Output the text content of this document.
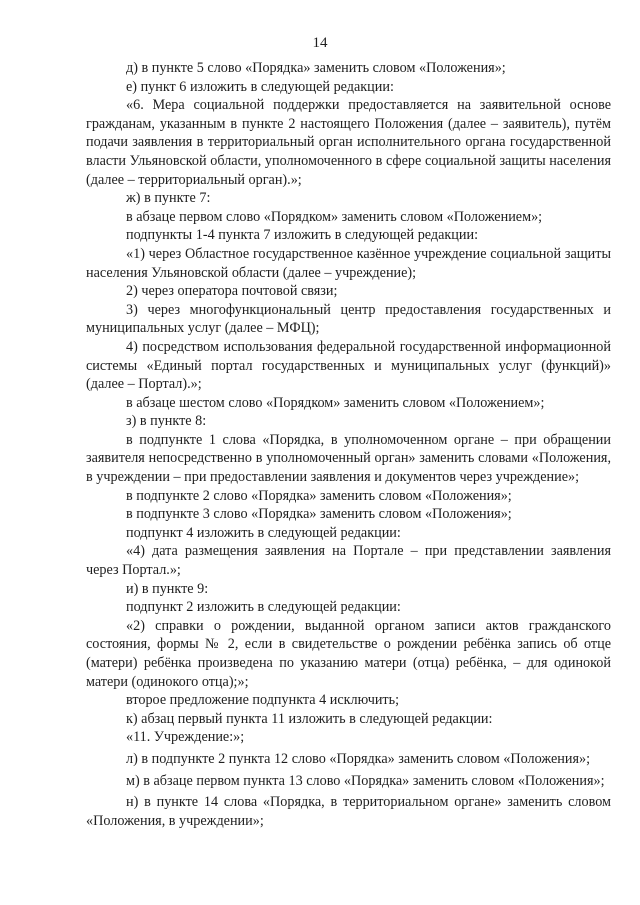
14

д) в пункте 5 слово «Порядка» заменить словом «Положения»;

е) пункт 6 изложить в следующей редакции:

«6. Мера социальной поддержки предоставляется на заявительной основе гражданам, указанным в пункте 2 настоящего Положения (далее – заявитель), путём подачи заявления в территориальный орган исполнительного органа государственной власти Ульяновской области, уполномоченного в сфере социальной защиты населения (далее – территориальный орган).»;

ж) в пункте 7:

в абзаце первом слово «Порядком» заменить словом «Положением»;

подпункты 1-4 пункта 7 изложить в следующей редакции:

«1) через Областное государственное казённое учреждение социальной защиты населения Ульяновской области (далее – учреждение);

2) через оператора почтовой связи;

3) через многофункциональный центр предоставления государственных и муниципальных услуг (далее – МФЦ);

4) посредством использования федеральной государственной информационной системы «Единый портал государственных и муниципальных услуг (функций)» (далее – Портал).»;

в абзаце шестом слово «Порядком» заменить словом «Положением»;

з) в пункте 8:

в подпункте 1 слова «Порядка, в уполномоченном органе – при обращении заявителя непосредственно в уполномоченный орган» заменить словами «Положения, в учреждении – при предоставлении заявления и документов через учреждение»;

в подпункте 2 слово «Порядка» заменить словом «Положения»;

в подпункте 3 слово «Порядка» заменить словом «Положения»;

подпункт 4 изложить в следующей редакции:

«4) дата размещения заявления на Портале – при представлении заявления через Портал.»;

и) в пункте 9:

подпункт 2 изложить в следующей редакции:

«2) справки о рождении, выданной органом записи актов гражданского состояния, формы № 2, если в свидетельстве о рождении ребёнка запись об отце (матери) ребёнка произведена по указанию матери (отца) ребёнка, – для одинокой матери (одинокого отца);»;

второе предложение подпункта 4 исключить;

к) абзац первый пункта 11 изложить в следующей редакции:

«11. Учреждение:»;

л) в подпункте 2 пункта 12 слово «Порядка» заменить словом «Положения»;

м) в абзаце первом пункта 13 слово «Порядка» заменить словом «Положения»;

н) в пункте 14 слова «Порядка, в территориальном органе» заменить словом «Положения, в учреждении»;
